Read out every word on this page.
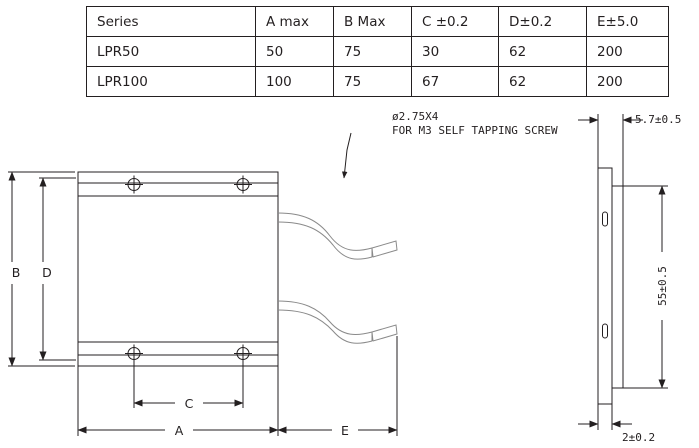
Series	A max	B Max	C ±0.2	D±0.2	E±5.0
LPR50	50	75	30	62	200
LPR100	100	75	67	62	200
ø2.75X4
FOR M3 SELF TAPPING SCREW
B D
C
A	E
5.7±0.5
55±0.5
2±0.2
